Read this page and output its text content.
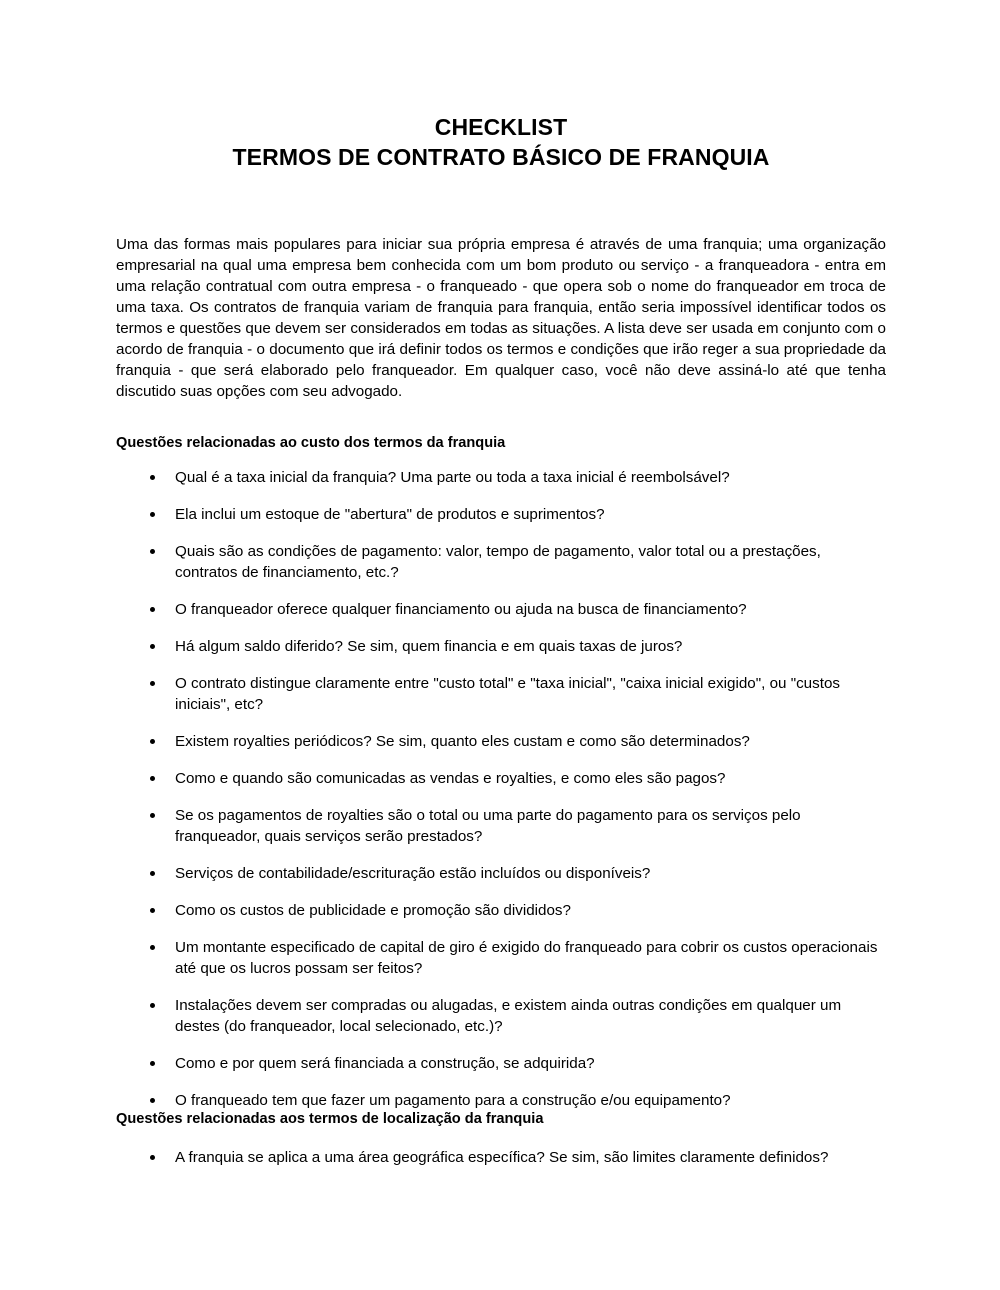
CHECKLIST
TERMOS DE CONTRATO BÁSICO DE FRANQUIA

Uma das formas mais populares para iniciar sua própria empresa é através de uma franquia; uma organização empresarial na qual uma empresa bem conhecida com um bom produto ou serviço - a franqueadora - entra em uma relação contratual com outra empresa - o franqueado - que opera sob o nome do franqueador em troca de uma taxa. Os contratos de franquia variam de franquia para franquia, então seria impossível identificar todos os termos e questões que devem ser considerados em todas as situações. A lista deve ser usada em conjunto com o acordo de franquia - o documento que irá definir todos os termos e condições que irão reger a sua propriedade da franquia - que será elaborado pelo franqueador. Em qualquer caso, você não deve assiná-lo até que tenha discutido suas opções com seu advogado.

Questões relacionadas ao custo dos termos da franquia
Qual é a taxa inicial da franquia? Uma parte ou toda a taxa inicial é reembolsável?
Ela inclui um estoque de "abertura" de produtos e suprimentos?
Quais são as condições de pagamento: valor, tempo de pagamento, valor total ou a prestações, contratos de financiamento, etc.?
O franqueador oferece qualquer financiamento ou ajuda na busca de financiamento?
Há algum saldo diferido? Se sim, quem financia e em quais taxas de juros?
O contrato distingue claramente entre "custo total" e "taxa inicial", "caixa inicial exigido", ou "custos iniciais", etc?
Existem royalties periódicos? Se sim, quanto eles custam e como são determinados?
Como e quando são comunicadas as vendas e royalties, e como eles são pagos?
Se os pagamentos de royalties são o total ou uma parte do pagamento para os serviços pelo franqueador, quais serviços serão prestados?
Serviços de contabilidade/escrituração estão incluídos ou disponíveis?
Como os custos de publicidade e promoção são divididos?
Um montante especificado de capital de giro é exigido do franqueado para cobrir os custos operacionais até que os lucros possam ser feitos?
Instalações devem ser compradas ou alugadas, e existem ainda outras condições em qualquer um destes (do franqueador, local selecionado, etc.)?
Como e por quem será financiada a construção, se adquirida?
O franqueado tem que fazer um pagamento para a construção e/ou equipamento?
Questões relacionadas aos termos de localização da franquia
A franquia se aplica a uma área geográfica específica? Se sim, são limites claramente definidos?
